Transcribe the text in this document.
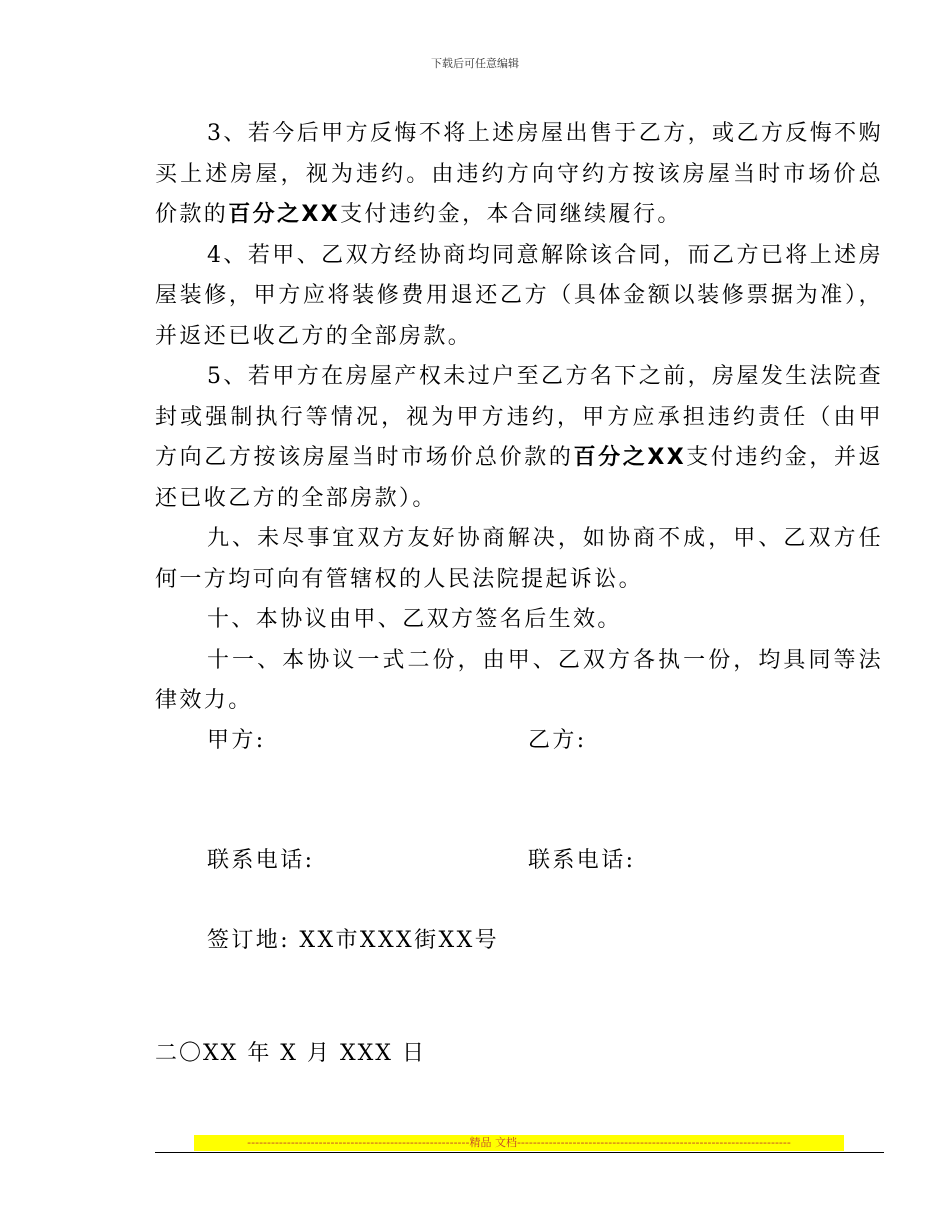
下载后可任意编辑

3、若今后甲方反悔不将上述房屋出售于乙方，或乙方反悔不购买上述房屋，视为违约。由违约方向守约方按该房屋当时市场价总价款的百分之XX支付违约金，本合同继续履行。

4、若甲、乙双方经协商均同意解除该合同，而乙方已将上述房屋装修，甲方应将装修费用退还乙方（具体金额以装修票据为准），并返还已收乙方的全部房款。

5、若甲方在房屋产权未过户至乙方名下之前，房屋发生法院查封或强制执行等情况，视为甲方违约，甲方应承担违约责任（由甲方向乙方按该房屋当时市场价总价款的百分之XX支付违约金，并返还已收乙方的全部房款）。

九、未尽事宜双方友好协商解决，如协商不成，甲、乙双方任何一方均可向有管辖权的人民法院提起诉讼。

十、本协议由甲、乙双方签名后生效。

十一、本协议一式二份，由甲、乙双方各执一份，均具同等法律效力。

甲方:	乙方:
联系电话:	联系电话:
签订地: XX市XXX街XX号
二〇XX 年 X 月 XXX 日
--------------------------------------------------------精品 文档---------------------------------------------------------------------
